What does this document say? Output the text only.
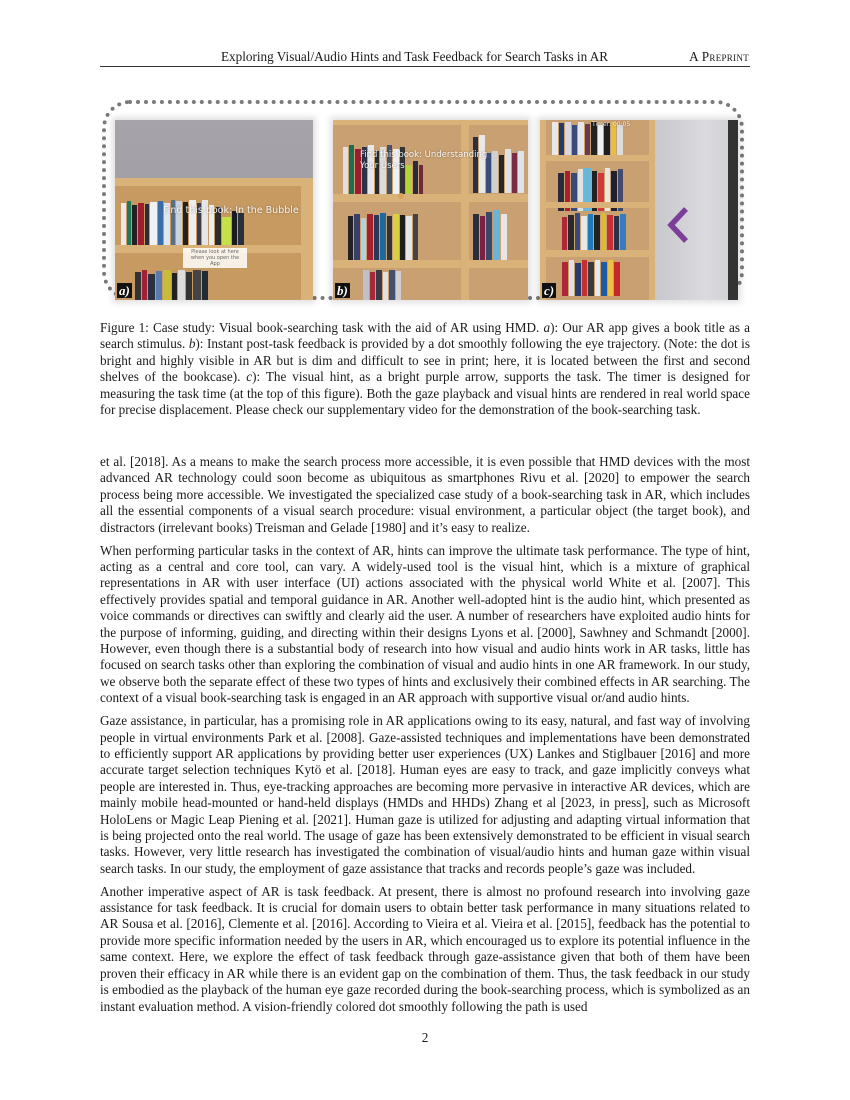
Exploring Visual/Audio Hints and Task Feedback for Search Tasks in AR	A Preprint
Find this book: In the Bubble
Please look at here when you open the App
a)
Find this book: Understanding
Your Users
b)
Timer: 00:05
c)
Figure 1: Case study: Visual book-searching task with the aid of AR using HMD. a): Our AR app gives a book title as a search stimulus. b): Instant post-task feedback is provided by a dot smoothly following the eye trajectory. (Note: the dot is bright and highly visible in AR but is dim and difficult to see in print; here, it is located between the first and second shelves of the bookcase). c): The visual hint, as a bright purple arrow, supports the task. The timer is designed for measuring the task time (at the top of this figure). Both the gaze playback and visual hints are rendered in real world space for precise displacement. Please check our supplementary video for the demonstration of the book-searching task.

et al. [2018]. As a means to make the search process more accessible, it is even possible that HMD devices with the most advanced AR technology could soon become as ubiquitous as smartphones Rivu et al. [2020] to empower the search process being more accessible. We investigated the specialized case study of a book-searching task in AR, which includes all the essential components of a visual search procedure: visual environment, a particular object (the target book), and distractors (irrelevant books) Treisman and Gelade [1980] and it’s easy to realize.

When performing particular tasks in the context of AR, hints can improve the ultimate task performance. The type of hint, acting as a central and core tool, can vary. A widely-used tool is the visual hint, which is a mixture of graphical representations in AR with user interface (UI) actions associated with the physical world White et al. [2007]. This effectively provides spatial and temporal guidance in AR. Another well-adopted hint is the audio hint, which presented as voice commands or directives can swiftly and clearly aid the user. A number of researchers have exploited audio hints for the purpose of informing, guiding, and directing within their designs Lyons et al. [2000], Sawhney and Schmandt [2000]. However, even though there is a substantial body of research into how visual and audio hints work in AR tasks, little has focused on search tasks other than exploring the combination of visual and audio hints in one AR framework. In our study, we observe both the separate effect of these two types of hints and exclusively their combined effects in AR searching. The context of a visual book-searching task is engaged in an AR approach with supportive visual or/and audio hints.

Gaze assistance, in particular, has a promising role in AR applications owing to its easy, natural, and fast way of involving people in virtual environments Park et al. [2008]. Gaze-assisted techniques and implementations have been demonstrated to efficiently support AR applications by providing better user experiences (UX) Lankes and Stiglbauer [2016] and more accurate target selection techniques Kytö et al. [2018]. Human eyes are easy to track, and gaze implicitly conveys what people are interested in. Thus, eye-tracking approaches are becoming more pervasive in interactive AR devices, which are mainly mobile head-mounted or hand-held displays (HMDs and HHDs) Zhang et al [2023, in press], such as Microsoft HoloLens or Magic Leap Piening et al. [2021]. Human gaze is utilized for adjusting and adapting virtual information that is being projected onto the real world. The usage of gaze has been extensively demonstrated to be efficient in visual search tasks. However, very little research has investigated the combination of visual/audio hints and human gaze within visual search tasks. In our study, the employment of gaze assistance that tracks and records people’s gaze was included.

Another imperative aspect of AR is task feedback. At present, there is almost no profound research into involving gaze assistance for task feedback. It is crucial for domain users to obtain better task performance in many situations related to AR Sousa et al. [2016], Clemente et al. [2016]. According to Vieira et al. Vieira et al. [2015], feedback has the potential to provide more specific information needed by the users in AR, which encouraged us to explore its potential influence in the same context. Here, we explore the effect of task feedback through gaze-assistance given that both of them have been proven their efficacy in AR while there is an evident gap on the combination of them. Thus, the task feedback in our study is embodied as the playback of the human eye gaze recorded during the book-searching process, which is symbolized as an instant evaluation method. A vision-friendly colored dot smoothly following the path is used

2
